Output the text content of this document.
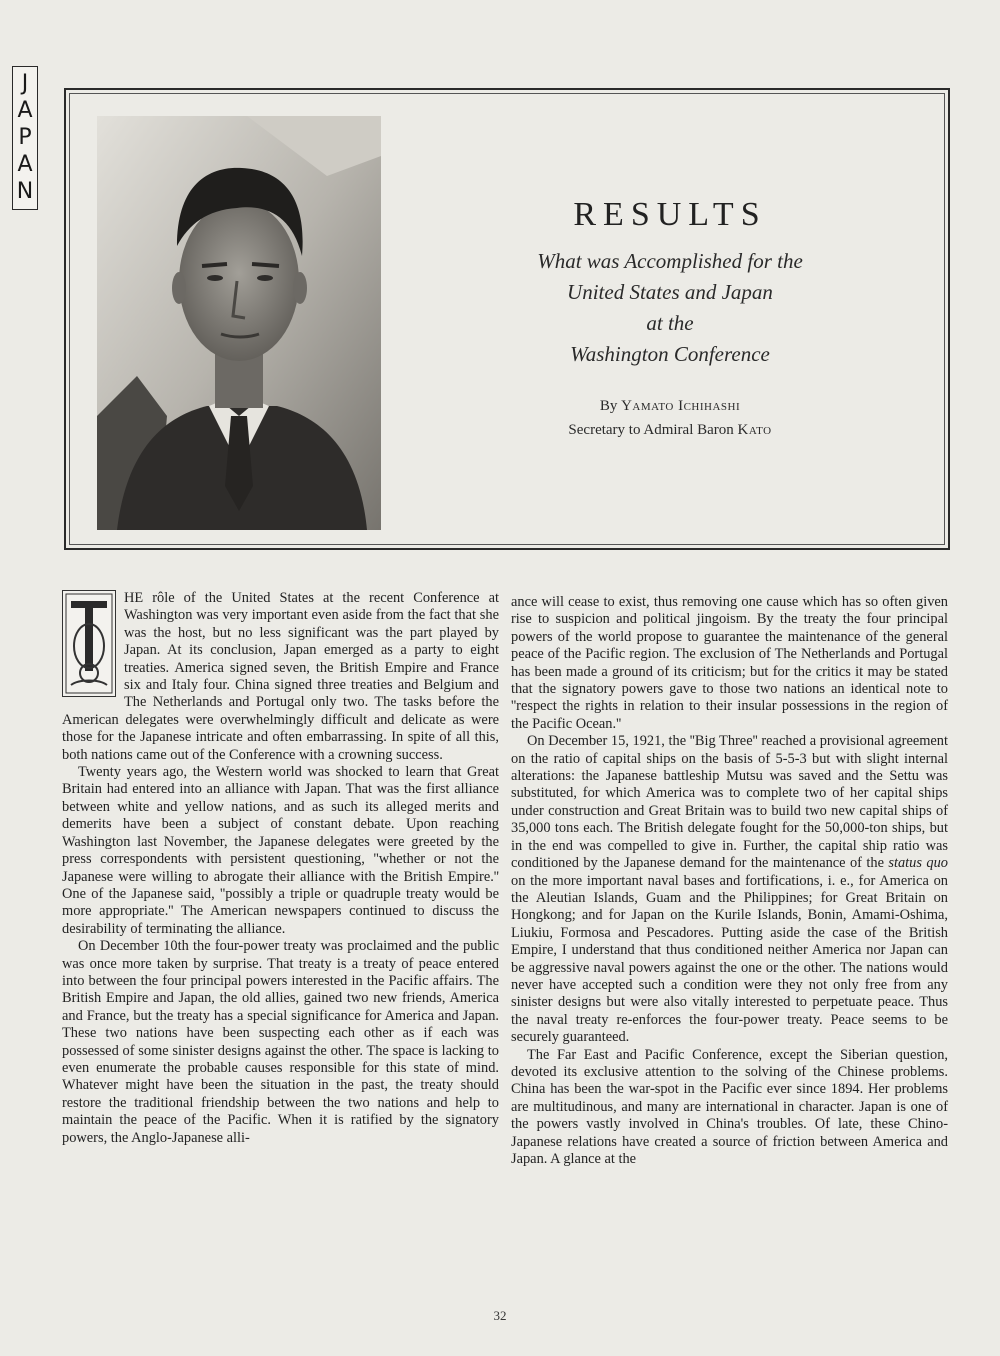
J
A
P
A
N
RESULTS
What was Accomplished for the
United States and Japan
at the
Washington Conference
By Yamato Ichihashi
Secretary to Admiral Baron Kato

HE rôle of the United States at the recent Conference at Washington was very important even aside from the fact that she was the host, but no less significant was the part played by Japan. At its conclusion, Japan emerged as a party to eight treaties. America signed seven, the British Empire and France six and Italy four. China signed three treaties and Belgium and The Netherlands and Portugal only two. The tasks before the American delegates were overwhelmingly difficult and delicate as were those for the Japanese intricate and often embarrassing. In spite of all this, both nations came out of the Conference with a crowning success.

Twenty years ago, the Western world was shocked to learn that Great Britain had entered into an alliance with Japan. That was the first alliance between white and yellow nations, and as such its alleged merits and demerits have been a subject of constant debate. Upon reaching Washington last November, the Japanese delegates were greeted by the press correspondents with persistent questioning, ''whether or not the Japanese were willing to abrogate their alliance with the British Empire.'' One of the Japanese said, ''possibly a triple or quadruple treaty would be more appropriate.'' The American newspapers continued to discuss the desirability of terminating the alliance.

On December 10th the four-power treaty was proclaimed and the public was once more taken by surprise. That treaty is a treaty of peace entered into between the four principal powers interested in the Pacific affairs. The British Empire and Japan, the old allies, gained two new friends, America and France, but the treaty has a special significance for America and Japan. These two nations have been suspecting each other as if each was possessed of some sinister designs against the other. The space is lacking to even enumerate the probable causes responsible for this state of mind. Whatever might have been the situation in the past, the treaty should restore the traditional friendship between the two nations and help to maintain the peace of the Pacific. When it is ratified by the signatory powers, the Anglo-Japanese alli-

ance will cease to exist, thus removing one cause which has so often given rise to suspicion and political jingoism. By the treaty the four principal powers of the world propose to guarantee the maintenance of the general peace of the Pacific region. The exclusion of The Netherlands and Portugal has been made a ground of its criticism; but for the critics it may be stated that the signatory powers gave to those two nations an identical note to ''respect the rights in relation to their insular possessions in the region of the Pacific Ocean.''

On December 15, 1921, the ''Big Three'' reached a provisional agreement on the ratio of capital ships on the basis of 5-5-3 but with slight internal alterations: the Japanese battleship Mutsu was saved and the Settu was substituted, for which America was to complete two of her capital ships under construction and Great Britain was to build two new capital ships of 35,000 tons each. The British delegate fought for the 50,000-ton ships, but in the end was compelled to give in. Further, the capital ship ratio was conditioned by the Japanese demand for the maintenance of the status quo on the more important naval bases and fortifications, i. e., for America on the Aleutian Islands, Guam and the Philippines; for Great Britain on Hongkong; and for Japan on the Kurile Islands, Bonin, Amami-Oshima, Liukiu, Formosa and Pescadores. Putting aside the case of the British Empire, I understand that thus conditioned neither America nor Japan can be aggressive naval powers against the one or the other. The nations would never have accepted such a condition were they not only free from any sinister designs but were also vitally interested to perpetuate peace. Thus the naval treaty re-enforces the four-power treaty. Peace seems to be securely guaranteed.

The Far East and Pacific Conference, except the Siberian question, devoted its exclusive attention to the solving of the Chinese problems. China has been the war-spot in the Pacific ever since 1894. Her problems are multitudinous, and many are international in character. Japan is one of the powers vastly involved in China's troubles. Of late, these Chino-Japanese relations have created a source of friction between America and Japan. A glance at the

32
